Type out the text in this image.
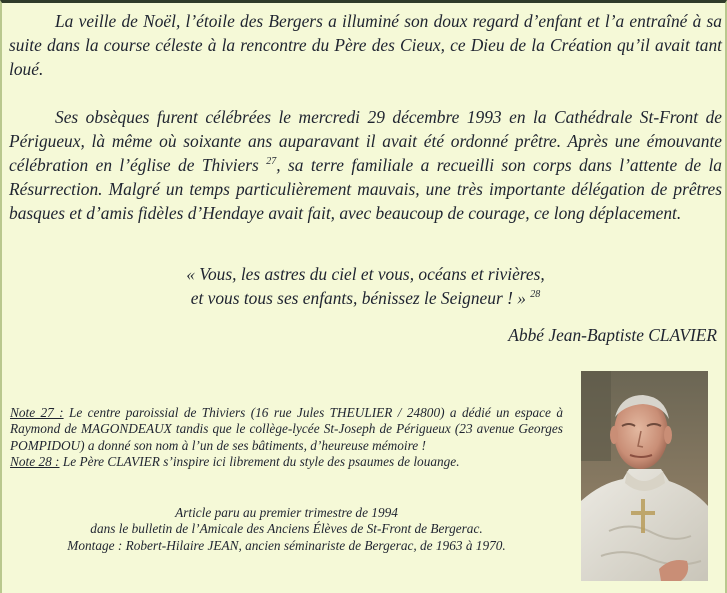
La veille de Noël, l’étoile des Bergers a illuminé son doux regard d’enfant et l’a entraîné à sa suite dans la course céleste à la rencontre du Père des Cieux, ce Dieu de la Création qu’il avait tant loué.

Ses obsèques furent célébrées le mercredi 29 décembre 1993 en la Cathédrale St-Front de Périgueux, là même où soixante ans auparavant il avait été ordonné prêtre. Après une émouvante célébration en l’église de Thiviers $^{27}$, sa terre familiale a recueilli son corps dans l’attente de la Résurrection. Malgré un temps particulièrement mauvais, une très importante délégation de prêtres basques et d’amis fidèles d’Hendaye avait fait, avec beaucoup de courage, ce long déplacement.

« Vous, les astres du ciel et vous, océans et rivières,
et vous tous ses enfants, bénissez le Seigneur ! » $^{28}$
Abbé Jean-Baptiste CLAVIER

Note 27 : Le centre paroissial de Thiviers (16 rue Jules THEULIER / 24800) a dédié un espace à Raymond de MAGONDEAUX tandis que le collège-lycée St-Joseph de Périgueux (23 avenue Georges POMPIDOU) a donné son nom à l’un de ses bâtiments, d’heureuse mémoire !

Note 28 : Le Père CLAVIER s’inspire ici librement du style des psaumes de louange.

Article paru au premier trimestre de 1994
dans le bulletin de l’Amicale des Anciens Élèves de St-Front de Bergerac.
Montage : Robert-Hilaire JEAN, ancien séminariste de Bergerac, de 1963 à 1970.
